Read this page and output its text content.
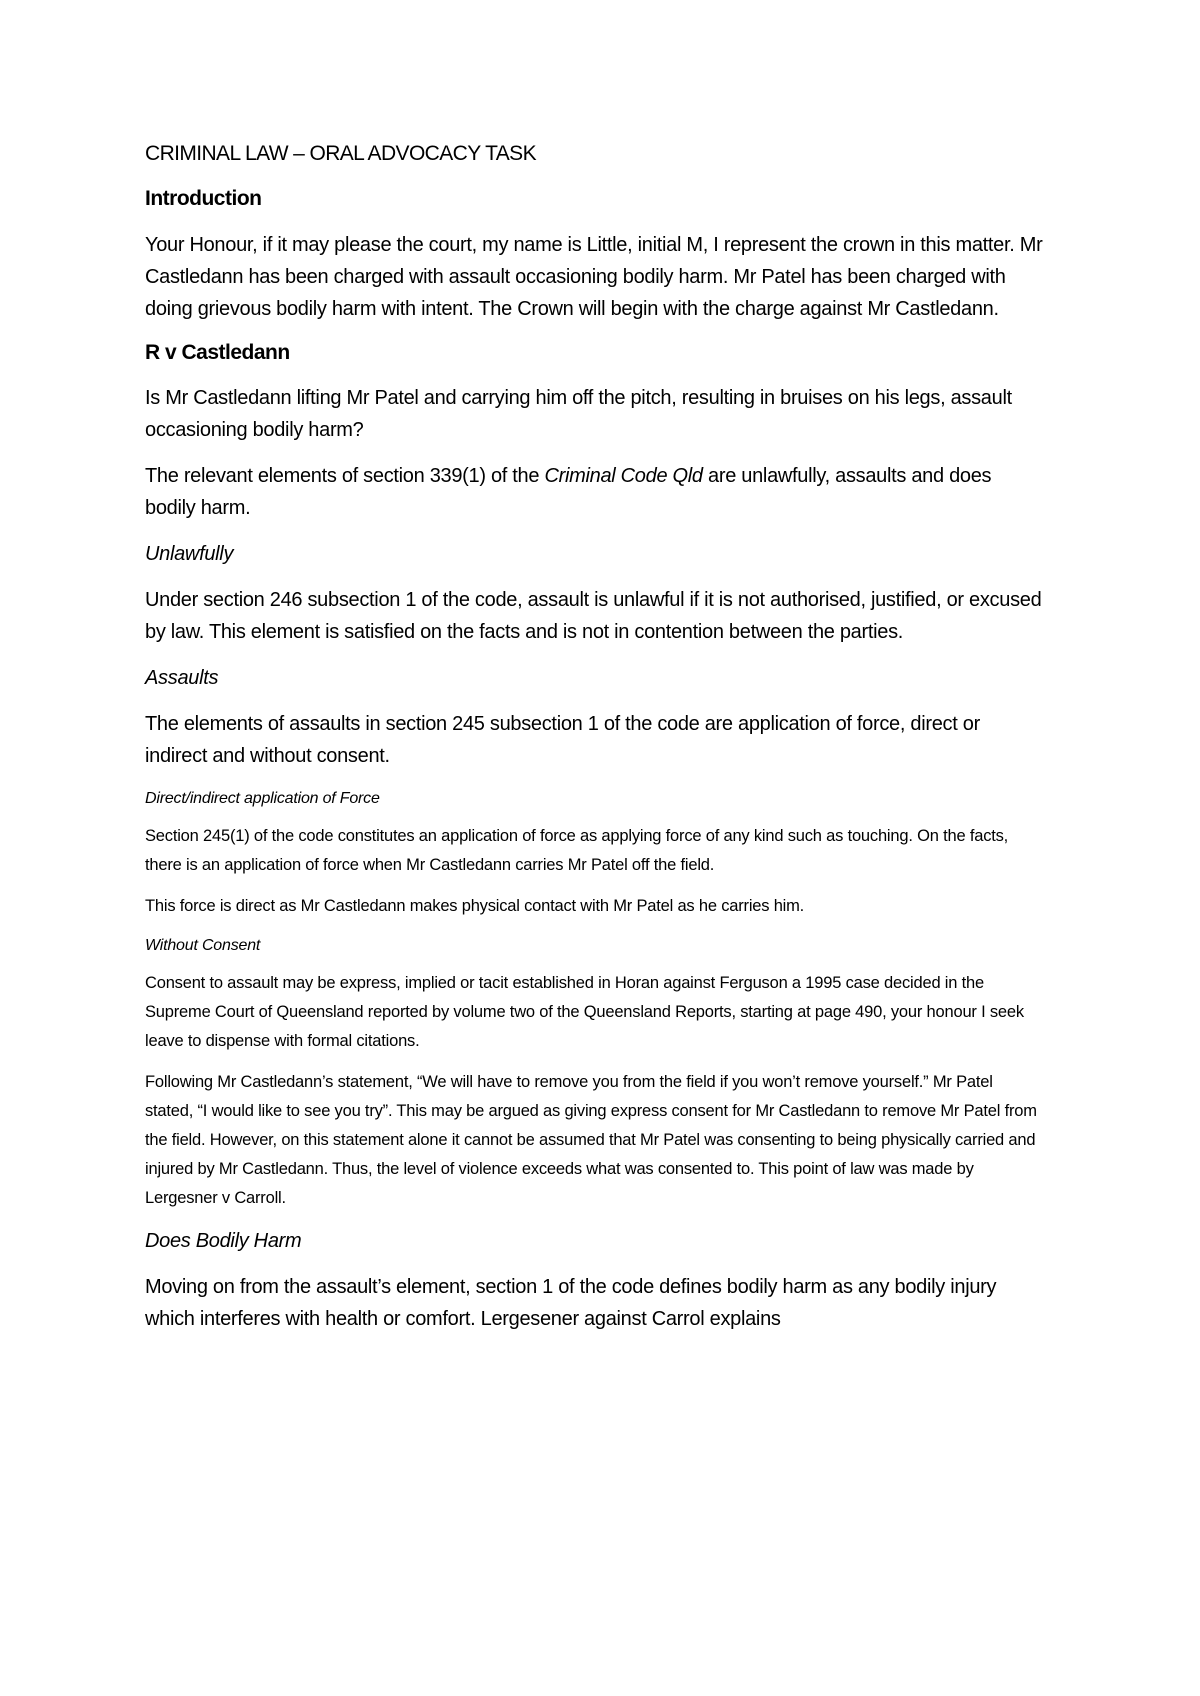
CRIMINAL LAW – ORAL ADVOCACY TASK
Introduction

Your Honour, if it may please the court, my name is Little, initial M, I represent the crown in this matter. Mr Castledann has been charged with assault occasioning bodily harm. Mr Patel has been charged with doing grievous bodily harm with intent. The Crown will begin with the charge against Mr Castledann.

R v Castledann

Is Mr Castledann lifting Mr Patel and carrying him off the pitch, resulting in bruises on his legs, assault occasioning bodily harm?

The relevant elements of section 339(1) of the Criminal Code Qld are unlawfully, assaults and does bodily harm.

Unlawfully

Under section 246 subsection 1 of the code, assault is unlawful if it is not authorised, justified, or excused by law. This element is satisfied on the facts and is not in contention between the parties.

Assaults

The elements of assaults in section 245 subsection 1 of the code are application of force, direct or indirect and without consent.

Direct/indirect application of Force

Section 245(1) of the code constitutes an application of force as applying force of any kind such as touching. On the facts, there is an application of force when Mr Castledann carries Mr Patel off the field.

This force is direct as Mr Castledann makes physical contact with Mr Patel as he carries him.

Without Consent

Consent to assault may be express, implied or tacit established in Horan against Ferguson a 1995 case decided in the Supreme Court of Queensland reported by volume two of the Queensland Reports, starting at page 490, your honour I seek leave to dispense with formal citations.

Following Mr Castledann’s statement, “We will have to remove you from the field if you won’t remove yourself.” Mr Patel stated, “I would like to see you try”. This may be argued as giving express consent for Mr Castledann to remove Mr Patel from the field. However, on this statement alone it cannot be assumed that Mr Patel was consenting to being physically carried and injured by Mr Castledann. Thus, the level of violence exceeds what was consented to. This point of law was made by Lergesner v Carroll.

Does Bodily Harm

Moving on from the assault’s element, section 1 of the code defines bodily harm as any bodily injury which interferes with health or comfort. Lergesener against Carrol explains
